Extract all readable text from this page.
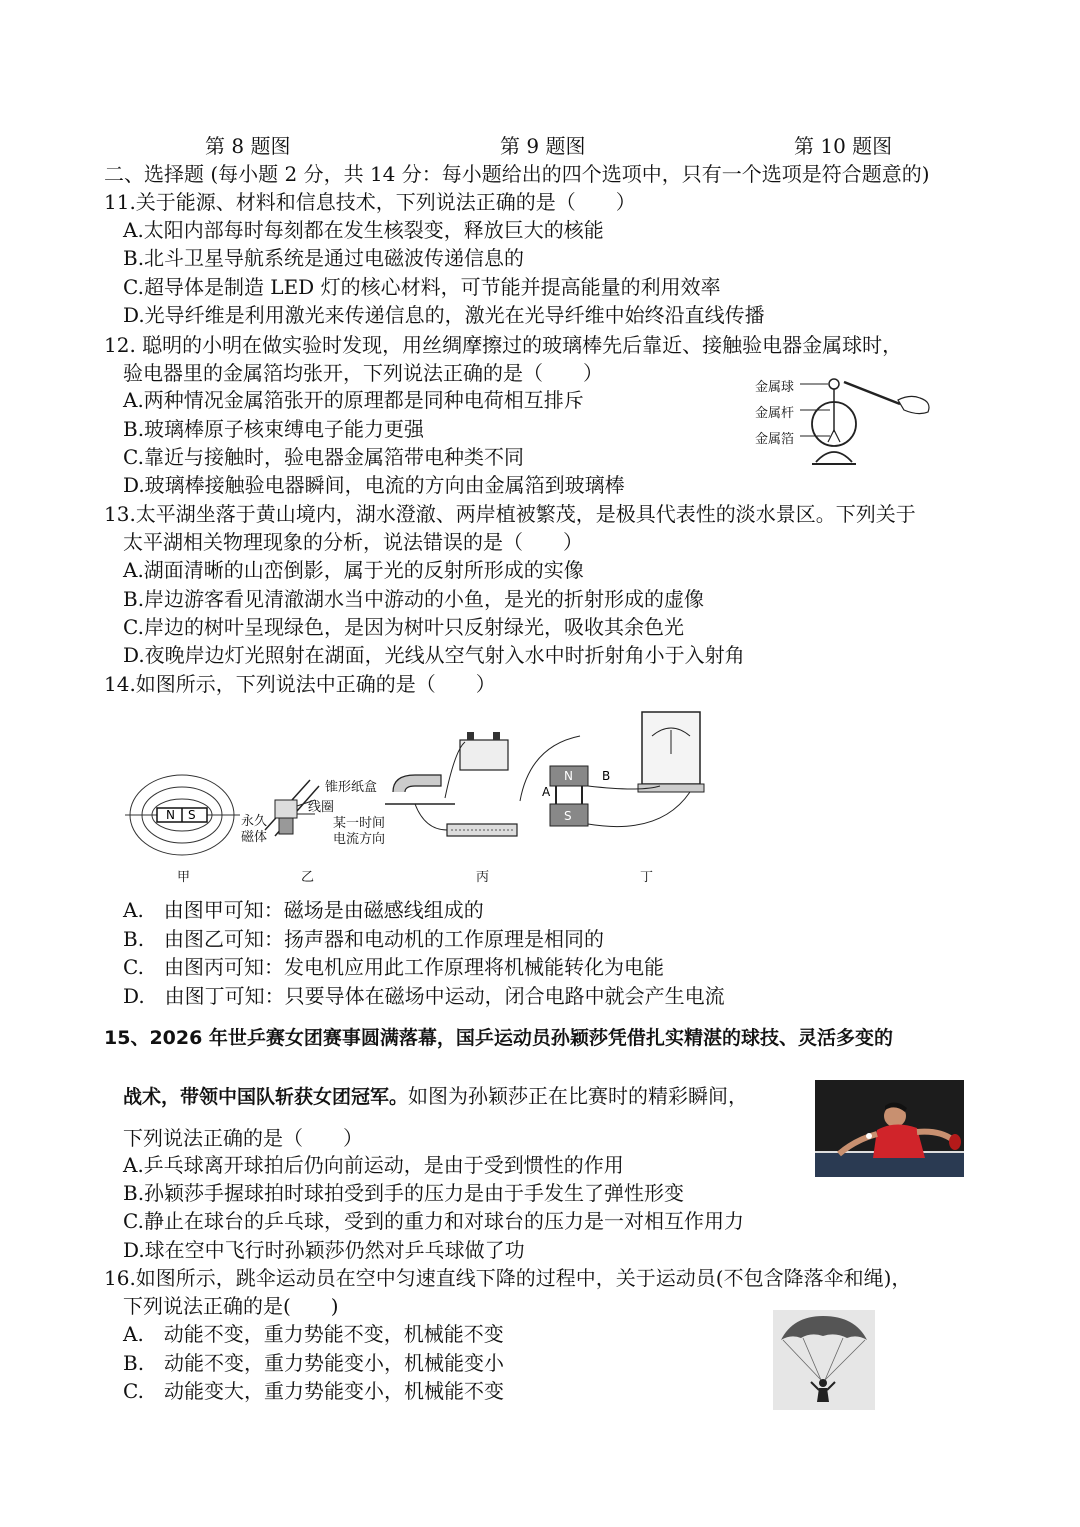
第 8 题图	第 9 题图	第 10 题图
二、选择题 (每小题 2 分，共 14 分：每小题给出的四个选项中，只有一个选项是符合题意的)
11.关于能源、材料和信息技术，下列说法正确的是（　　）
A.太阳内部每时每刻都在发生核裂变，释放巨大的核能
B.北斗卫星导航系统是通过电磁波传递信息的
C.超导体是制造 LED 灯的核心材料，可节能并提高能量的利用效率
D.光导纤维是利用激光来传递信息的，激光在光导纤维中始终沿直线传播
12. 聪明的小明在做实验时发现，用丝绸摩擦过的玻璃棒先后靠近、接触验电器金属球时，
验电器里的金属箔均张开，下列说法正确的是（　　）
A.两种情况金属箔张开的原理都是同种电荷相互排斥
B.玻璃棒原子核束缚电子能力更强
C.靠近与接触时，验电器金属箔带电种类不同
D.玻璃棒接触验电器瞬间，电流的方向由金属箔到玻璃棒
金属球
金属杆
金属箔
13.太平湖坐落于黄山境内，湖水澄澈、两岸植被繁茂，是极具代表性的淡水景区。下列关于
太平湖相关物理现象的分析，说法错误的是（　　）
A.湖面清晰的山峦倒影，属于光的反射所形成的实像
B.岸边游客看见清澈湖水当中游动的小鱼，是光的折射形成的虚像
C.岸边的树叶呈现绿色，是因为树叶只反射绿光，吸收其余色光
D.夜晚岸边灯光照射在湖面，光线从空气射入水中时折射角小于入射角
14.如图所示，下列说法中正确的是（　　）
N S
甲
锥形纸盒
线圈
永久
磁体
某一时间
电流方向
乙	丙
N
S
A
B
丁
A.　由图甲可知：磁场是由磁感线组成的
B.　由图乙可知：扬声器和电动机的工作原理是相同的
C.　由图丙可知：发电机应用此工作原理将机械能转化为电能
D.　由图丁可知：只要导体在磁场中运动，闭合电路中就会产生电流
15、2026 年世乒赛女团赛事圆满落幕，国乒运动员孙颖莎凭借扎实精湛的球技、灵活多变的
战术，带领中国队斩获女团冠军。如图为孙颖莎正在比赛时的精彩瞬间，
下列说法正确的是（　　）
A.乒乓球离开球拍后仍向前运动，是由于受到惯性的作用
B.孙颖莎手握球拍时球拍受到手的压力是由于手发生了弹性形变
C.静止在球台的乒乓球，受到的重力和对球台的压力是一对相互作用力
D.球在空中飞行时孙颖莎仍然对乒乓球做了功
16.如图所示，跳伞运动员在空中匀速直线下降的过程中，关于运动员(不包含降落伞和绳)，
下列说法正确的是(　　)
A.　动能不变，重力势能不变，机械能不变
B.　动能不变，重力势能变小，机械能变小
C.　动能变大，重力势能变小，机械能不变
